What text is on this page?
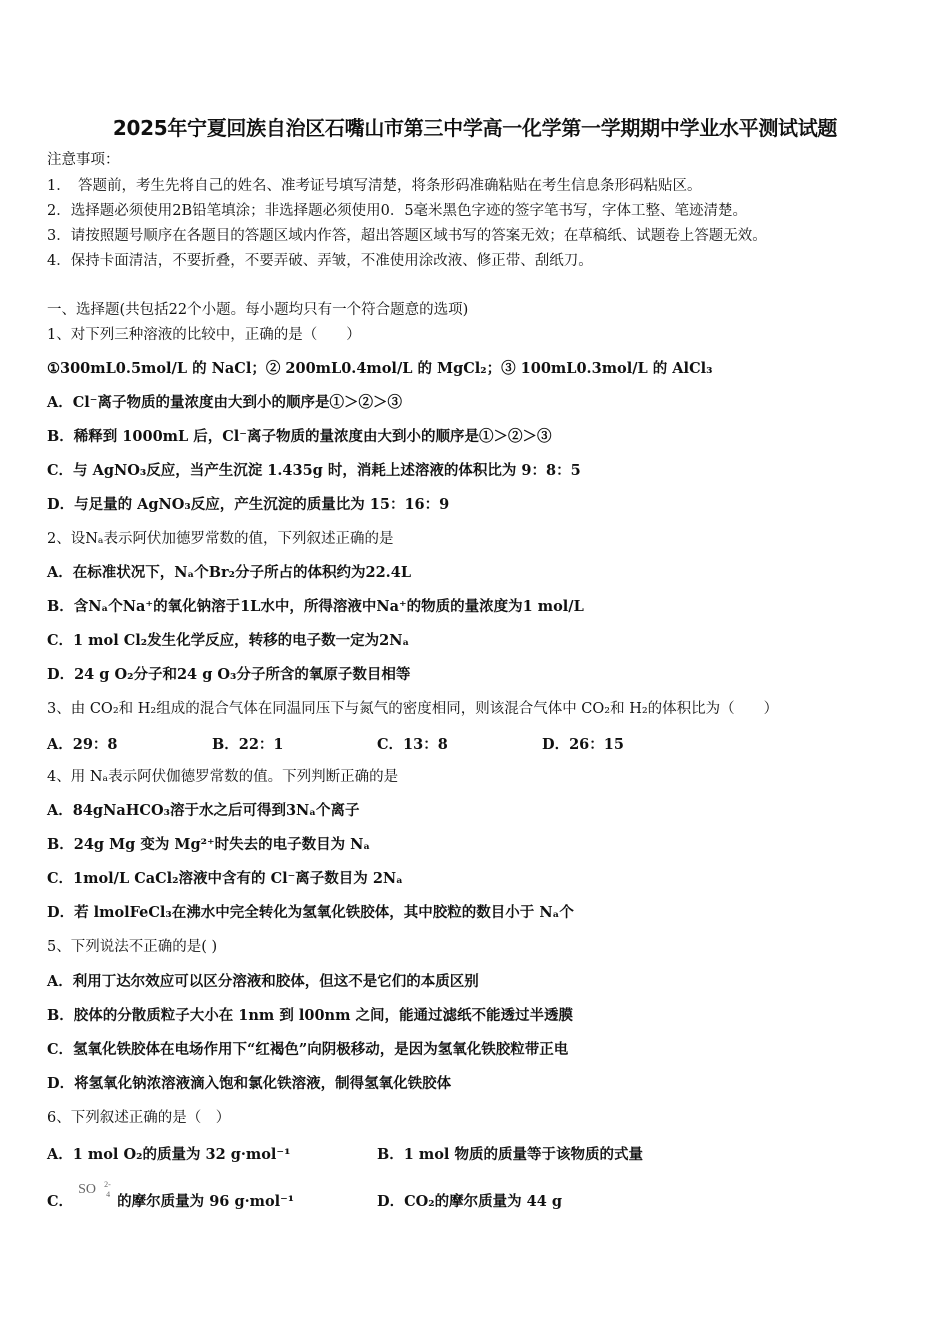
2025年宁夏回族自治区石嘴山市第三中学高一化学第一学期期中学业水平测试试题
注意事项：
1．　答题前，考生先将自己的姓名、准考证号填写清楚，将条形码准确粘贴在考生信息条形码粘贴区。
2．选择题必须使用2B铅笔填涂；非选择题必须使用0．5毫米黑色字迹的签字笔书写，字体工整、笔迹清楚。
3．请按照题号顺序在各题目的答题区域内作答，超出答题区域书写的答案无效；在草稿纸、试题卷上答题无效。
4．保持卡面清洁，不要折叠，不要弄破、弄皱，不准使用涂改液、修正带、刮纸刀。
一、选择题(共包括22个小题。每小题均只有一个符合题意的选项)
1、对下列三种溶液的比较中，正确的是（　　）
①300mL0.5mol/L 的 NaCl；② 200mL0.4mol/L 的 MgCl₂；③ 100mL0.3mol/L 的 AlCl₃
A．Cl⁻离子物质的量浓度由大到小的顺序是①＞②＞③
B．稀释到 1000mL 后，Cl⁻离子物质的量浓度由大到小的顺序是①＞②＞③
C．与 AgNO₃反应，当产生沉淀 1.435g 时，消耗上述溶液的体积比为 9：8：5
D．与足量的 AgNO₃反应，产生沉淀的质量比为 15：16：9
2、设Nₐ表示阿伏加德罗常数的值，下列叙述正确的是
A．在标准状况下，Nₐ个Br₂分子所占的体积约为22.4L
B．含Nₐ个Na⁺的氧化钠溶于1L水中，所得溶液中Na⁺的物质的量浓度为1 mol/L
C．1 mol Cl₂发生化学反应，转移的电子数一定为2Nₐ
D．24 g O₂分子和24 g O₃分子所含的氧原子数目相等
3、由 CO₂和 H₂组成的混合气体在同温同压下与氮气的密度相同，则该混合气体中 CO₂和 H₂的体积比为（　　）
A．29：8	B．22：1	C．13：8	D．26：15
4、用 Nₐ表示阿伏伽德罗常数的值。下列判断正确的是
A．84gNaHCO₃溶于水之后可得到3Nₐ个离子
B．24g Mg 变为 Mg²⁺时失去的电子数目为 Nₐ
C．1mol/L CaCl₂溶液中含有的 Cl⁻离子数目为 2Nₐ
D．若 lmolFeCl₃在沸水中完全转化为氢氧化铁胶体，其中胶粒的数目小于 Nₐ个
5、下列说法不正确的是( )
A．利用丁达尔效应可以区分溶液和胶体，但这不是它们的本质区别
B．胶体的分散质粒子大小在 1nm 到 l00nm 之间，能通过滤纸不能透过半透膜
C．氢氧化铁胶体在电场作用下“红褐色”向阴极移动，是因为氢氧化铁胶粒带正电
D．将氢氧化钠浓溶液滴入饱和氯化铁溶液，制得氢氧化铁胶体
6、下列叙述正确的是（　）
A．1 mol O₂的质量为 32 g·mol⁻¹	B．1 mol 物质的质量等于该物质的式量
C．
SO 2-
4 的摩尔质量为 96 g·mol⁻¹	D．CO₂的摩尔质量为 44 g
